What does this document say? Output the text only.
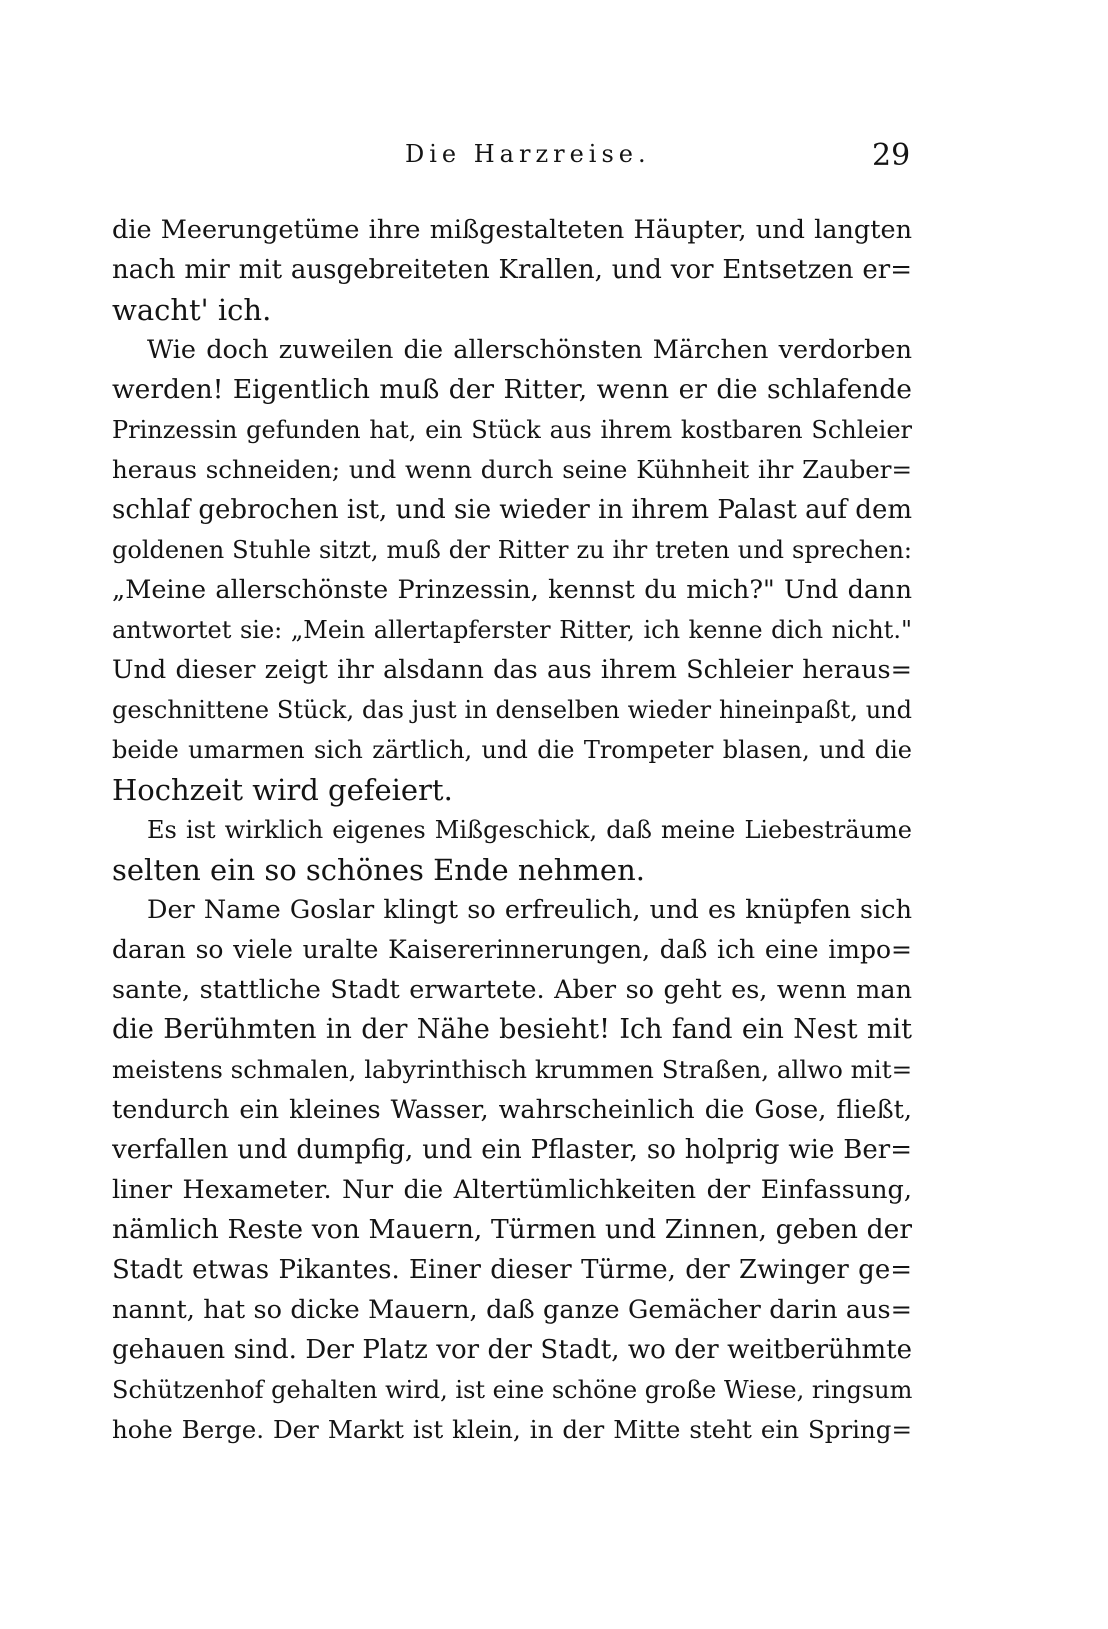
Die Harzreise.	29
die Meerungetüme ihre mißgestalteten Häupter, und langten
nach mir mit ausgebreiteten Krallen, und vor Entsetzen er=
wacht' ich.
Wie doch zuweilen die allerschönsten Märchen verdorben
werden! Eigentlich muß der Ritter, wenn er die schlafende
Prinzessin gefunden hat, ein Stück aus ihrem kostbaren Schleier
heraus schneiden; und wenn durch seine Kühnheit ihr Zauber=
schlaf gebrochen ist, und sie wieder in ihrem Palast auf dem
goldenen Stuhle sitzt, muß der Ritter zu ihr treten und sprechen:
„Meine allerschönste Prinzessin, kennst du mich?" Und dann
antwortet sie: „Mein allertapferster Ritter, ich kenne dich nicht."
Und dieser zeigt ihr alsdann das aus ihrem Schleier heraus=
geschnittene Stück, das just in denselben wieder hineinpaßt, und
beide umarmen sich zärtlich, und die Trompeter blasen, und die
Hochzeit wird gefeiert.
Es ist wirklich eigenes Mißgeschick, daß meine Liebesträume
selten ein so schönes Ende nehmen.
Der Name Goslar klingt so erfreulich, und es knüpfen sich
daran so viele uralte Kaisererinnerungen, daß ich eine impo=
sante, stattliche Stadt erwartete. Aber so geht es, wenn man
die Berühmten in der Nähe besieht! Ich fand ein Nest mit
meistens schmalen, labyrinthisch krummen Straßen, allwo mit=
tendurch ein kleines Wasser, wahrscheinlich die Gose, fließt,
verfallen und dumpfig, und ein Pflaster, so holprig wie Ber=
liner Hexameter. Nur die Altertümlichkeiten der Einfassung,
nämlich Reste von Mauern, Türmen und Zinnen, geben der
Stadt etwas Pikantes. Einer dieser Türme, der Zwinger ge=
nannt, hat so dicke Mauern, daß ganze Gemächer darin aus=
gehauen sind. Der Platz vor der Stadt, wo der weitberühmte
Schützenhof gehalten wird, ist eine schöne große Wiese, ringsum
hohe Berge. Der Markt ist klein, in der Mitte steht ein Spring=
